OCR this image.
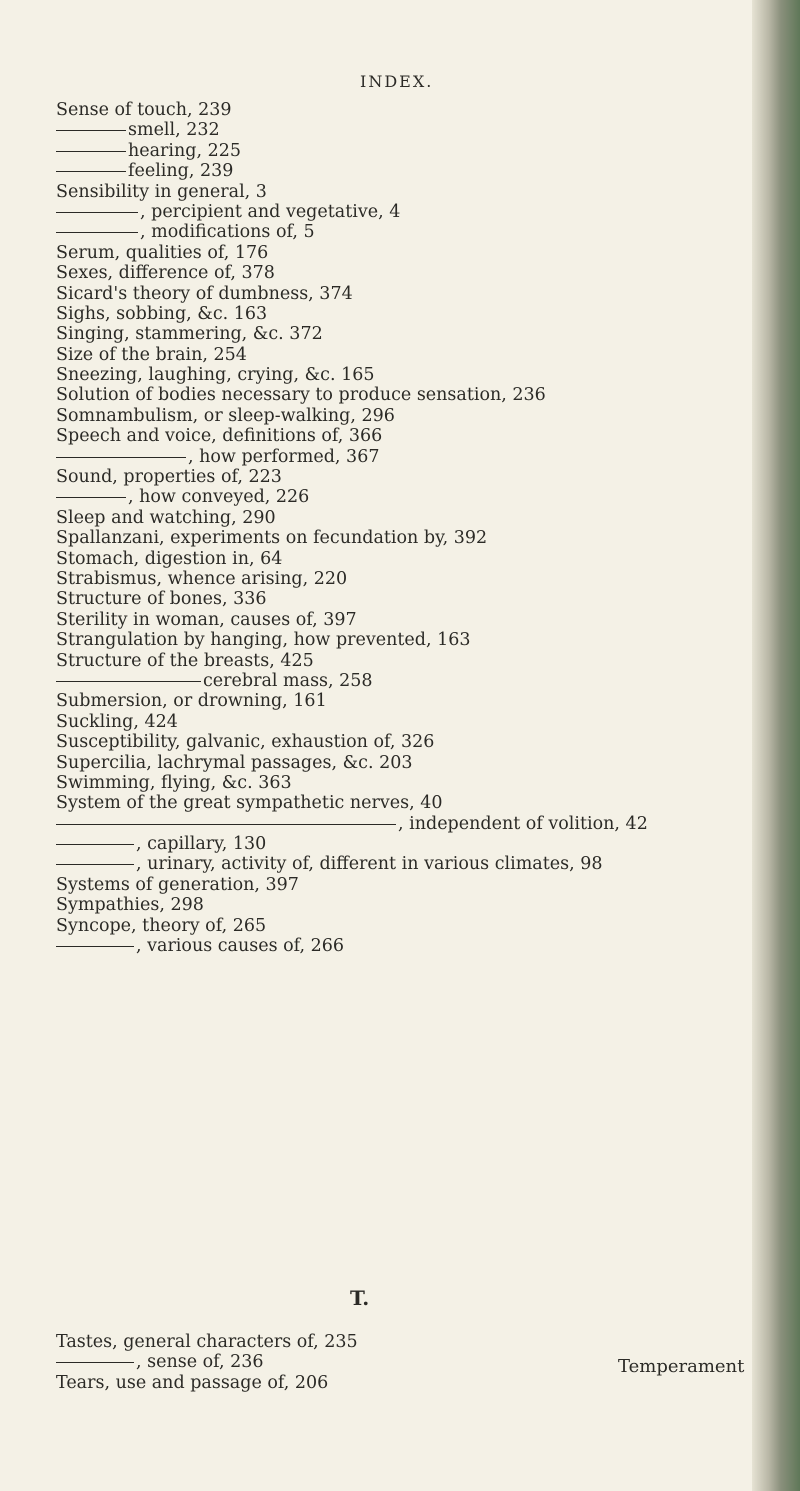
INDEX.
Sense of touch, 239
smell, 232
hearing, 225
feeling, 239
Sensibility in general, 3
, percipient and vegetative, 4
, modifications of, 5
Serum, qualities of, 176
Sexes, difference of, 378
Sicard's theory of dumbness, 374
Sighs, sobbing, &c. 163
Singing, stammering, &c. 372
Size of the brain, 254
Sneezing, laughing, crying, &c. 165
Solution of bodies necessary to produce sensation, 236
Somnambulism, or sleep-walking, 296
Speech and voice, definitions of, 366
, how performed, 367
Sound, properties of, 223
, how conveyed, 226
Sleep and watching, 290
Spallanzani, experiments on fecundation by, 392
Stomach, digestion in, 64
Strabismus, whence arising, 220
Structure of bones, 336
Sterility in woman, causes of, 397
Strangulation by hanging, how prevented, 163
Structure of the breasts, 425
cerebral mass, 258
Submersion, or drowning, 161
Suckling, 424
Susceptibility, galvanic, exhaustion of, 326
Supercilia, lachrymal passages, &c. 203
Swimming, flying, &c. 363
System of the great sympathetic nerves, 40
, independent of volition, 42
, capillary, 130
, urinary, activity of, different in various climates, 98
Systems of generation, 397
Sympathies, 298
Syncope, theory of, 265
, various causes of, 266
T.
Tastes, general characters of, 235
, sense of, 236
Tears, use and passage of, 206
Temperament
